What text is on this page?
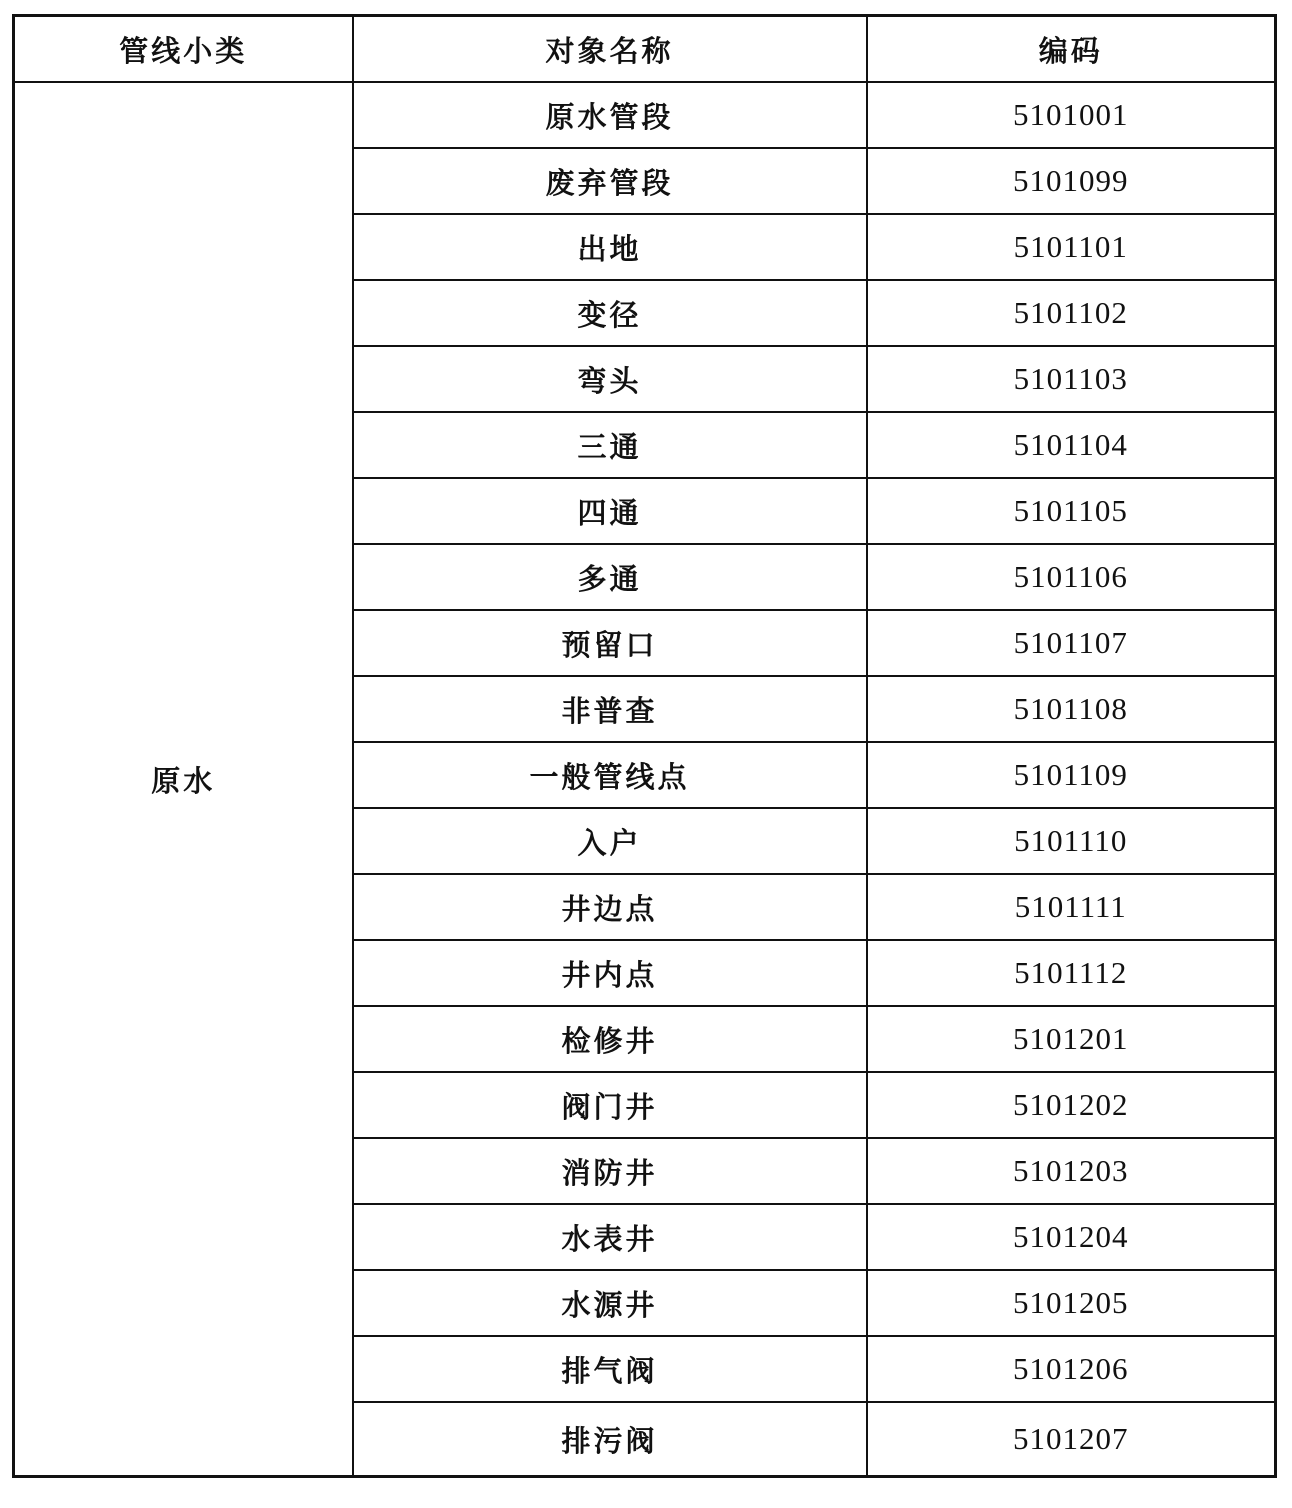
管线小类	对象名称	编码
原水	原水管段	5101001
	废弃管段	5101099
	出地	5101101
	变径	5101102
	弯头	5101103
	三通	5101104
	四通	5101105
	多通	5101106
	预留口	5101107
	非普查	5101108
	一般管线点	5101109
	入户	5101110
	井边点	5101111
	井内点	5101112
	检修井	5101201
	阀门井	5101202
	消防井	5101203
	水表井	5101204
	水源井	5101205
	排气阀	5101206
	排污阀	5101207
